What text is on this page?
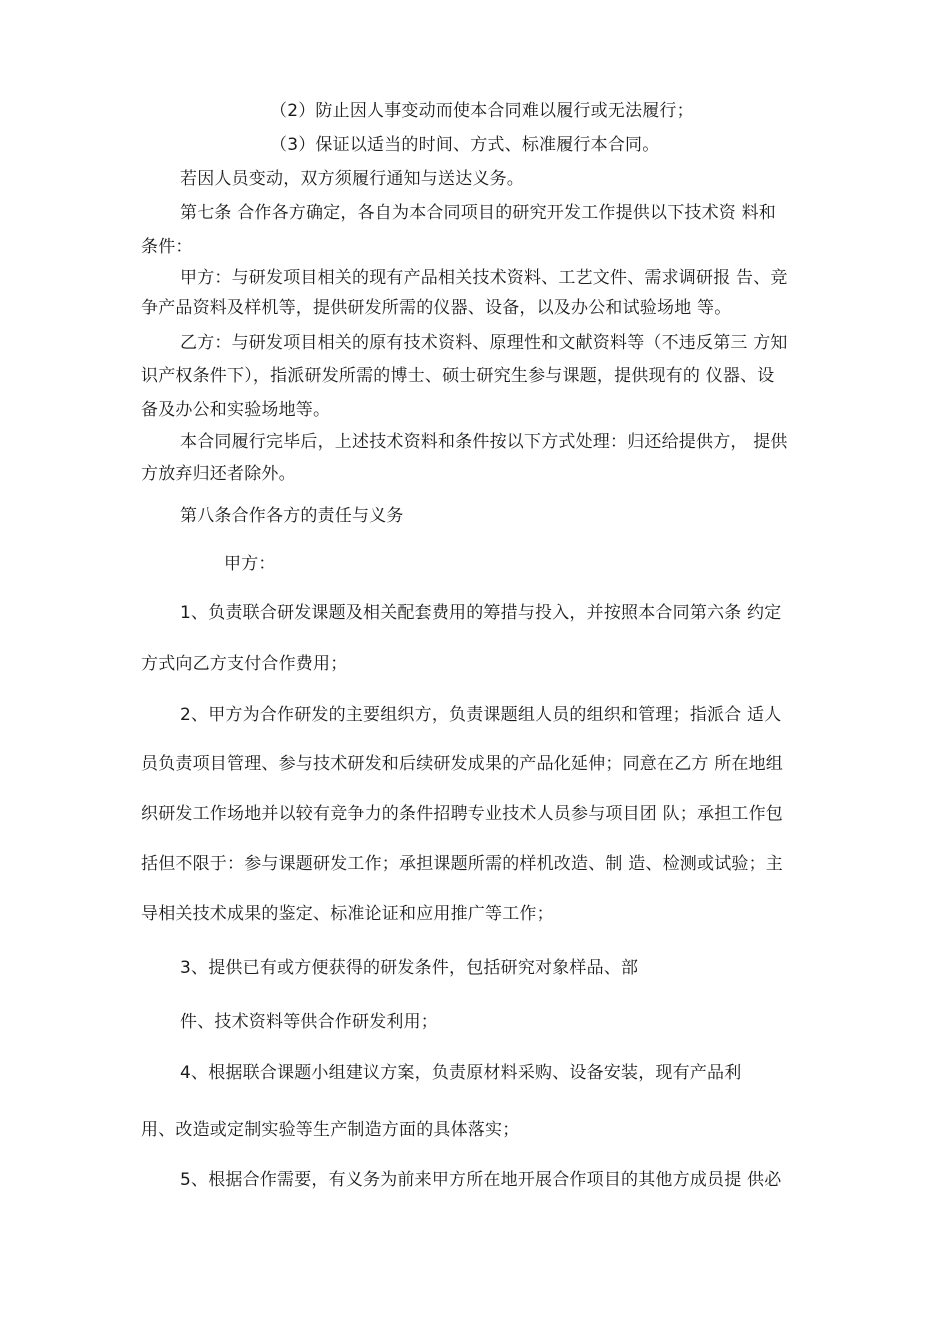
（2）防止因人事变动而使本合同难以履行或无法履行；
（3）保证以适当的时间、方式、标准履行本合同。
若因人员变动，双方须履行通知与送达义务。
第七条 合作各方确定，各自为本合同项目的研究开发工作提供以下技术资 料和
条件：
甲方：与研发项目相关的现有产品相关技术资料、工艺文件、需求调研报 告、竞
争产品资料及样机等，提供研发所需的仪器、设备，以及办公和试验场地 等。
乙方：与研发项目相关的原有技术资料、原理性和文献资料等（不违反第三 方知
识产权条件下），指派研发所需的博士、硕士研究生参与课题，提供现有的 仪器、设
备及办公和实验场地等。
本合同履行完毕后，上述技术资料和条件按以下方式处理：归还给提供方， 提供
方放弃归还者除外。
第八条合作各方的责任与义务
甲方：
1、负责联合研发课题及相关配套费用的筹措与投入，并按照本合同第六条 约定
方式向乙方支付合作费用；
2、甲方为合作研发的主要组织方，负责课题组人员的组织和管理；指派合 适人
员负责项目管理、参与技术研发和后续研发成果的产品化延伸；同意在乙方 所在地组
织研发工作场地并以较有竞争力的条件招聘专业技术人员参与项目团 队；承担工作包
括但不限于：参与课题研发工作；承担课题所需的样机改造、制 造、检测或试验；主
导相关技术成果的鉴定、标准论证和应用推广等工作；
3、提供已有或方便获得的研发条件，包括研究对象样品、部
件、技术资料等供合作研发利用；
4、根据联合课题小组建议方案，负责原材料采购、设备安装，现有产品利
用、改造或定制实验等生产制造方面的具体落实；
5、根据合作需要，有义务为前来甲方所在地开展合作项目的其他方成员提 供必
